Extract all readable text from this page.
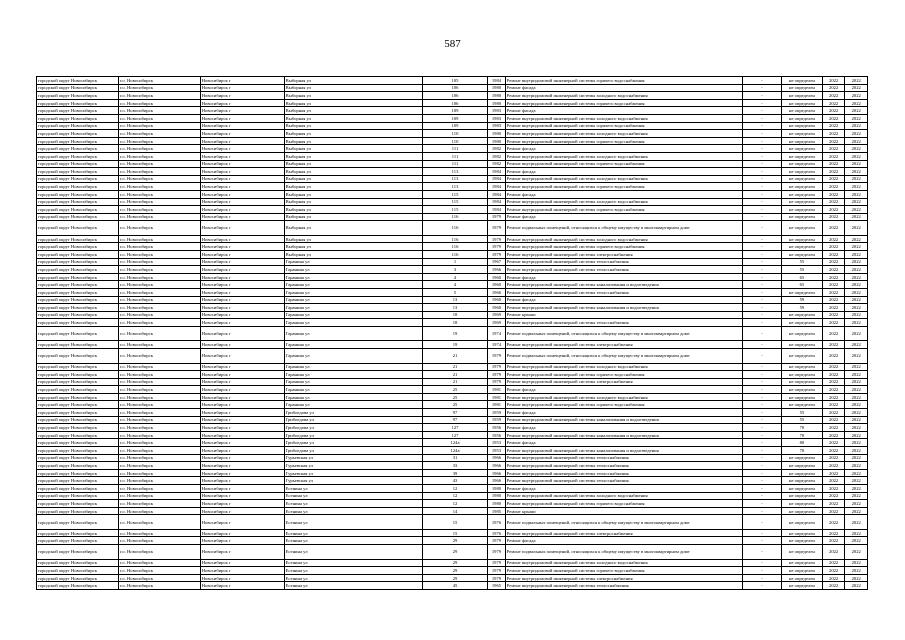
587
городской округ Новосибирск	г.о. Новосибирск	Новосибирск г	Выборная ул	105	1984	Ремонт внутридомовой инженерной системы горячего водоснабжения	-	не определен	2022	2022
городской округ Новосибирск	г.о. Новосибирск	Новосибирск г	Выборная ул	106	1980	Ремонт фасада	-	не определен	2022	2022
городской округ Новосибирск	г.о. Новосибирск	Новосибирск г	Выборная ул	106	1980	Ремонт внутридомовой инженерной системы холодного водоснабжения	-	не определен	2022	2022
городской округ Новосибирск	г.о. Новосибирск	Новосибирск г	Выборная ул	106	1980	Ремонт внутридомовой инженерной системы горячего водоснабжения	-	не определен	2022	2022
городской округ Новосибирск	г.о. Новосибирск	Новосибирск г	Выборная ул	109	1983	Ремонт фасада	-	не определен	2022	2022
городской округ Новосибирск	г.о. Новосибирск	Новосибирск г	Выборная ул	109	1983	Ремонт внутридомовой инженерной системы холодного водоснабжения	-	не определен	2022	2022
городской округ Новосибирск	г.о. Новосибирск	Новосибирск г	Выборная ул	109	1983	Ремонт внутридомовой инженерной системы горячего водоснабжения	-	не определен	2022	2022
городской округ Новосибирск	г.о. Новосибирск	Новосибирск г	Выборная ул	110	1980	Ремонт внутридомовой инженерной системы холодного водоснабжения	-	не определен	2022	2022
городской округ Новосибирск	г.о. Новосибирск	Новосибирск г	Выборная ул	110	1980	Ремонт внутридомовой инженерной системы горячего водоснабжения	-	не определен	2022	2022
городской округ Новосибирск	г.о. Новосибирск	Новосибирск г	Выборная ул	111	1982	Ремонт фасада	-	не определен	2022	2022
городской округ Новосибирск	г.о. Новосибирск	Новосибирск г	Выборная ул	111	1982	Ремонт внутридомовой инженерной системы холодного водоснабжения	-	не определен	2022	2022
городской округ Новосибирск	г.о. Новосибирск	Новосибирск г	Выборная ул	111	1982	Ремонт внутридомовой инженерной системы горячего водоснабжения	-	не определен	2022	2022
городской округ Новосибирск	г.о. Новосибирск	Новосибирск г	Выборная ул	113	1984	Ремонт фасада	-	не определен	2022	2022
городской округ Новосибирск	г.о. Новосибирск	Новосибирск г	Выборная ул	113	1984	Ремонт внутридомовой инженерной системы холодного водоснабжения	-	не определен	2022	2022
городской округ Новосибирск	г.о. Новосибирск	Новосибирск г	Выборная ул	113	1984	Ремонт внутридомовой инженерной системы горячего водоснабжения	-	не определен	2022	2022
городской округ Новосибирск	г.о. Новосибирск	Новосибирск г	Выборная ул	115	1984	Ремонт фасада	-	не определен	2022	2022
городской округ Новосибирск	г.о. Новосибирск	Новосибирск г	Выборная ул	115	1984	Ремонт внутридомовой инженерной системы холодного водоснабжения	-	не определен	2022	2022
городской округ Новосибирск	г.о. Новосибирск	Новосибирск г	Выборная ул	115	1984	Ремонт внутридомовой инженерной системы горячего водоснабжения	-	не определен	2022	2022
городской округ Новосибирск	г.о. Новосибирск	Новосибирск г	Выборная ул	116	1979	Ремонт фасада	-	не определен	2022	2022
городской округ Новосибирск	г.о. Новосибирск	Новосибирск г	Выборная ул	116	1979	Ремонт подвальных помещений, относящихся к общему имуществу в многоквартирном доме	-	не определен	2022	2022
городской округ Новосибирск	г.о. Новосибирск	Новосибирск г	Выборная ул	116	1979	Ремонт внутридомовой инженерной системы холодного водоснабжения	-	не определен	2022	2022
городской округ Новосибирск	г.о. Новосибирск	Новосибирск г	Выборная ул	116	1979	Ремонт внутридомовой инженерной системы горячего водоснабжения	-	не определен	2022	2022
городской округ Новосибирск	г.о. Новосибирск	Новосибирск г	Выборная ул	116	1979	Ремонт внутридомовой инженерной системы электроснабжения	-	не определен	2022	2022
городской округ Новосибирск	г.о. Новосибирск	Новосибирск г	Гаранина ул	1	1967	Ремонт внутридомовой инженерной системы теплоснабжения	-	55	2022	2022
городской округ Новосибирск	г.о. Новосибирск	Новосибирск г	Гаранина ул	3	1966	Ремонт внутридомовой инженерной системы теплоснабжения	-	55	2022	2022
городской округ Новосибирск	г.о. Новосибирск	Новосибирск г	Гаранина ул	4	1960	Ремонт фасада	-	65	2022	2022
городской округ Новосибирск	г.о. Новосибирск	Новосибирск г	Гаранина ул	4	1960	Ремонт внутридомовой инженерной системы канализования и водоотведения	-	65	2022	2022
городской округ Новосибирск	г.о. Новосибирск	Новосибирск г	Гаранина ул	5	1966	Ремонт внутридомовой инженерной системы теплоснабжения	-	не определен	2022	2022
городской округ Новосибирск	г.о. Новосибирск	Новосибирск г	Гаранина ул	13	1960	Ремонт фасада	-	59	2022	2022
городской округ Новосибирск	г.о. Новосибирск	Новосибирск г	Гаранина ул	13	1960	Ремонт внутридомовой инженерной системы канализования и водоотведения	-	59	2022	2022
городской округ Новосибирск	г.о. Новосибирск	Новосибирск г	Гаранина ул	18	1969	Ремонт крыши	-	не определен	2022	2022
городской округ Новосибирск	г.о. Новосибирск	Новосибирск г	Гаранина ул	18	1969	Ремонт внутридомовой инженерной системы теплоснабжения	-	не определен	2022	2022
городской округ Новосибирск	г.о. Новосибирск	Новосибирск г	Гаранина ул	19	1974	Ремонт подвальных помещений, относящихся к общему имуществу в многоквартирном доме	-	не определен	2022	2022
городской округ Новосибирск	г.о. Новосибирск	Новосибирск г	Гаранина ул	19	1974	Ремонт внутридомовой инженерной системы электроснабжения	-	не определен	2022	2022
городской округ Новосибирск	г.о. Новосибирск	Новосибирск г	Гаранина ул	21	1979	Ремонт подвальных помещений, относящихся к общему имуществу в многоквартирном доме	-	не определен	2022	2022
городской округ Новосибирск	г.о. Новосибирск	Новосибирск г	Гаранина ул	21	1979	Ремонт внутридомовой инженерной системы холодного водоснабжения	-	не определен	2022	2022
городской округ Новосибирск	г.о. Новосибирск	Новосибирск г	Гаранина ул	21	1979	Ремонт внутридомовой инженерной системы горячего водоснабжения	-	не определен	2022	2022
городской округ Новосибирск	г.о. Новосибирск	Новосибирск г	Гаранина ул	21	1979	Ремонт внутридомовой инженерной системы электроснабжения	-	не определен	2022	2022
городской округ Новосибирск	г.о. Новосибирск	Новосибирск г	Гаранина ул	25	1981	Ремонт фасада	-	не определен	2022	2022
городской округ Новосибирск	г.о. Новосибирск	Новосибирск г	Гаранина ул	25	1981	Ремонт внутридомовой инженерной системы холодного водоснабжения	-	не определен	2022	2022
городской округ Новосибирск	г.о. Новосибирск	Новосибирск г	Гаранина ул	25	1981	Ремонт внутридомовой инженерной системы горячего водоснабжения	-	не определен	2022	2022
городской округ Новосибирск	г.о. Новосибирск	Новосибирск г	Грибоедова ул	97	1959	Ремонт фасада	-	55	2022	2022
городской округ Новосибирск	г.о. Новосибирск	Новосибирск г	Грибоедова ул	97	1959	Ремонт внутридомовой инженерной системы канализования и водоотведения	-	55	2022	2022
городской округ Новосибирск	г.о. Новосибирск	Новосибирск г	Грибоедова ул	127	1956	Ремонт фасада	-	70	2022	2022
городской округ Новосибирск	г.о. Новосибирск	Новосибирск г	Грибоедова ул	127	1956	Ремонт внутридомовой инженерной системы канализования и водоотведения	-	70	2022	2022
городской округ Новосибирск	г.о. Новосибирск	Новосибирск г	Грибоедова ул	124а	1953	Ремонт фасада	-	80	2022	2022
городской округ Новосибирск	г.о. Новосибирск	Новосибирск г	Грибоедова ул	124а	1953	Ремонт внутридомовой инженерной системы канализования и водоотведения	-	70	2022	2022
городской округ Новосибирск	г.о. Новосибирск	Новосибирск г	Гурьевская ул	31	1966	Ремонт внутридомовой инженерной системы теплоснабжения	-	не определен	2022	2022
городской округ Новосибирск	г.о. Новосибирск	Новосибирск г	Гурьевская ул	33	1966	Ремонт внутридомовой инженерной системы теплоснабжения	-	не определен	2022	2022
городской округ Новосибирск	г.о. Новосибирск	Новосибирск г	Гурьевская ул	39	1966	Ремонт внутридомовой инженерной системы теплоснабжения	-	не определен	2022	2022
городской округ Новосибирск	г.о. Новосибирск	Новосибирск г	Гурьевская ул	43	1966	Ремонт внутридомовой инженерной системы теплоснабжения	-	не определен	2022	2022
городской округ Новосибирск	г.о. Новосибирск	Новосибирск г	Есенина ул	12	1980	Ремонт фасада	-	не определен	2022	2022
городской округ Новосибирск	г.о. Новосибирск	Новосибирск г	Есенина ул	12	1980	Ремонт внутридомовой инженерной системы холодного водоснабжения	-	не определен	2022	2022
городской округ Новосибирск	г.о. Новосибирск	Новосибирск г	Есенина ул	12	1980	Ремонт внутридомовой инженерной системы горячего водоснабжения	-	не определен	2022	2022
городской округ Новосибирск	г.о. Новосибирск	Новосибирск г	Есенина ул	14	1985	Ремонт крыши	-	не определен	2022	2022
городской округ Новосибирск	г.о. Новосибирск	Новосибирск г	Есенина ул	15	1976	Ремонт подвальных помещений, относящихся к общему имуществу в многоквартирном доме	-	не определен	2022	2022
городской округ Новосибирск	г.о. Новосибирск	Новосибирск г	Есенина ул	15	1976	Ремонт внутридомовой инженерной системы электроснабжения	-	не определен	2022	2022
городской округ Новосибирск	г.о. Новосибирск	Новосибирск г	Есенина ул	29	1979	Ремонт фасада	-	не определен	2022	2022
городской округ Новосибирск	г.о. Новосибирск	Новосибирск г	Есенина ул	29	1979	Ремонт подвальных помещений, относящихся к общему имуществу в многоквартирном доме	-	не определен	2022	2022
городской округ Новосибирск	г.о. Новосибирск	Новосибирск г	Есенина ул	29	1979	Ремонт внутридомовой инженерной системы холодного водоснабжения	-	не определен	2022	2022
городской округ Новосибирск	г.о. Новосибирск	Новосибирск г	Есенина ул	29	1979	Ремонт внутридомовой инженерной системы горячего водоснабжения	-	не определен	2022	2022
городской округ Новосибирск	г.о. Новосибирск	Новосибирск г	Есенина ул	29	1979	Ремонт внутридомовой инженерной системы электроснабжения	-	не определен	2022	2022
городской округ Новосибирск	г.о. Новосибирск	Новосибирск г	Есенина ул	45	1965	Ремонт внутридомовой инженерной системы теплоснабжения	-	не определен	2022	2022
